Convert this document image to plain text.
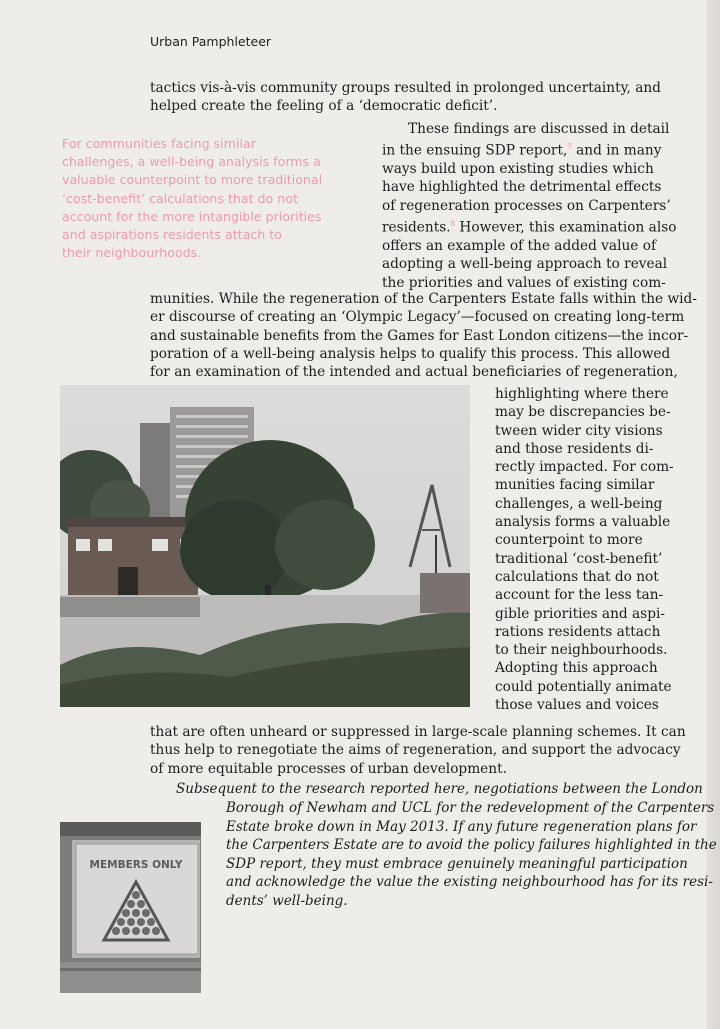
Urban Pamphleteer

tactics vis-à-vis community groups resulted in prolonged uncertainty, and
helped create the feeling of a ‘democratic deficit’.

For communities facing similar
challenges, a well-being analysis forms a
valuable counterpoint to more traditional
‘cost-benefit’ calculations that do not
account for the more intangible priorities
and aspirations residents attach to
their neighbourhoods.

These findings are discussed in detail
in the ensuing SDP report,$^7$ and in many
ways build upon existing studies which
have highlighted the detrimental effects
of regeneration processes on Carpenters’
residents.$^8$ However, this examination also
offers an example of the added value of
adopting a well-being approach to reveal
the priorities and values of existing com-

munities. While the regeneration of the Carpenters Estate falls within the wid-
er discourse of creating an ‘Olympic Legacy’—focused on creating long-term
and sustainable benefits from the Games for East London citizens—the incor-
poration of a well-being analysis helps to qualify this process. This allowed
for an examination of the intended and actual beneficiaries of regeneration,

highlighting where there
may be discrepancies be-
tween wider city visions
and those residents di-
rectly impacted. For com-
munities facing similar
challenges, a well-being
analysis forms a valuable
counterpoint to more
traditional ‘cost-benefit’
calculations that do not
account for the less tan-
gible priorities and aspi-
rations residents attach
to their neighbourhoods.
Adopting this approach
could potentially animate
those values and voices

that are often unheard or suppressed in large-scale planning schemes. It can
thus help to renegotiate the aims of regeneration, and support the advocacy
of more equitable processes of urban development.

Subsequent to the research reported here, negotiations between the London

Borough of Newham and UCL for the redevelopment of the Carpenters
Estate broke down in May 2013. If any future regeneration plans for
the Carpenters Estate are to avoid the policy failures highlighted in the
SDP report, they must embrace genuinely meaningful participation
and acknowledge the value the existing neighbourhood has for its resi-
dents’ well-being.

MEMBERS ONLY
